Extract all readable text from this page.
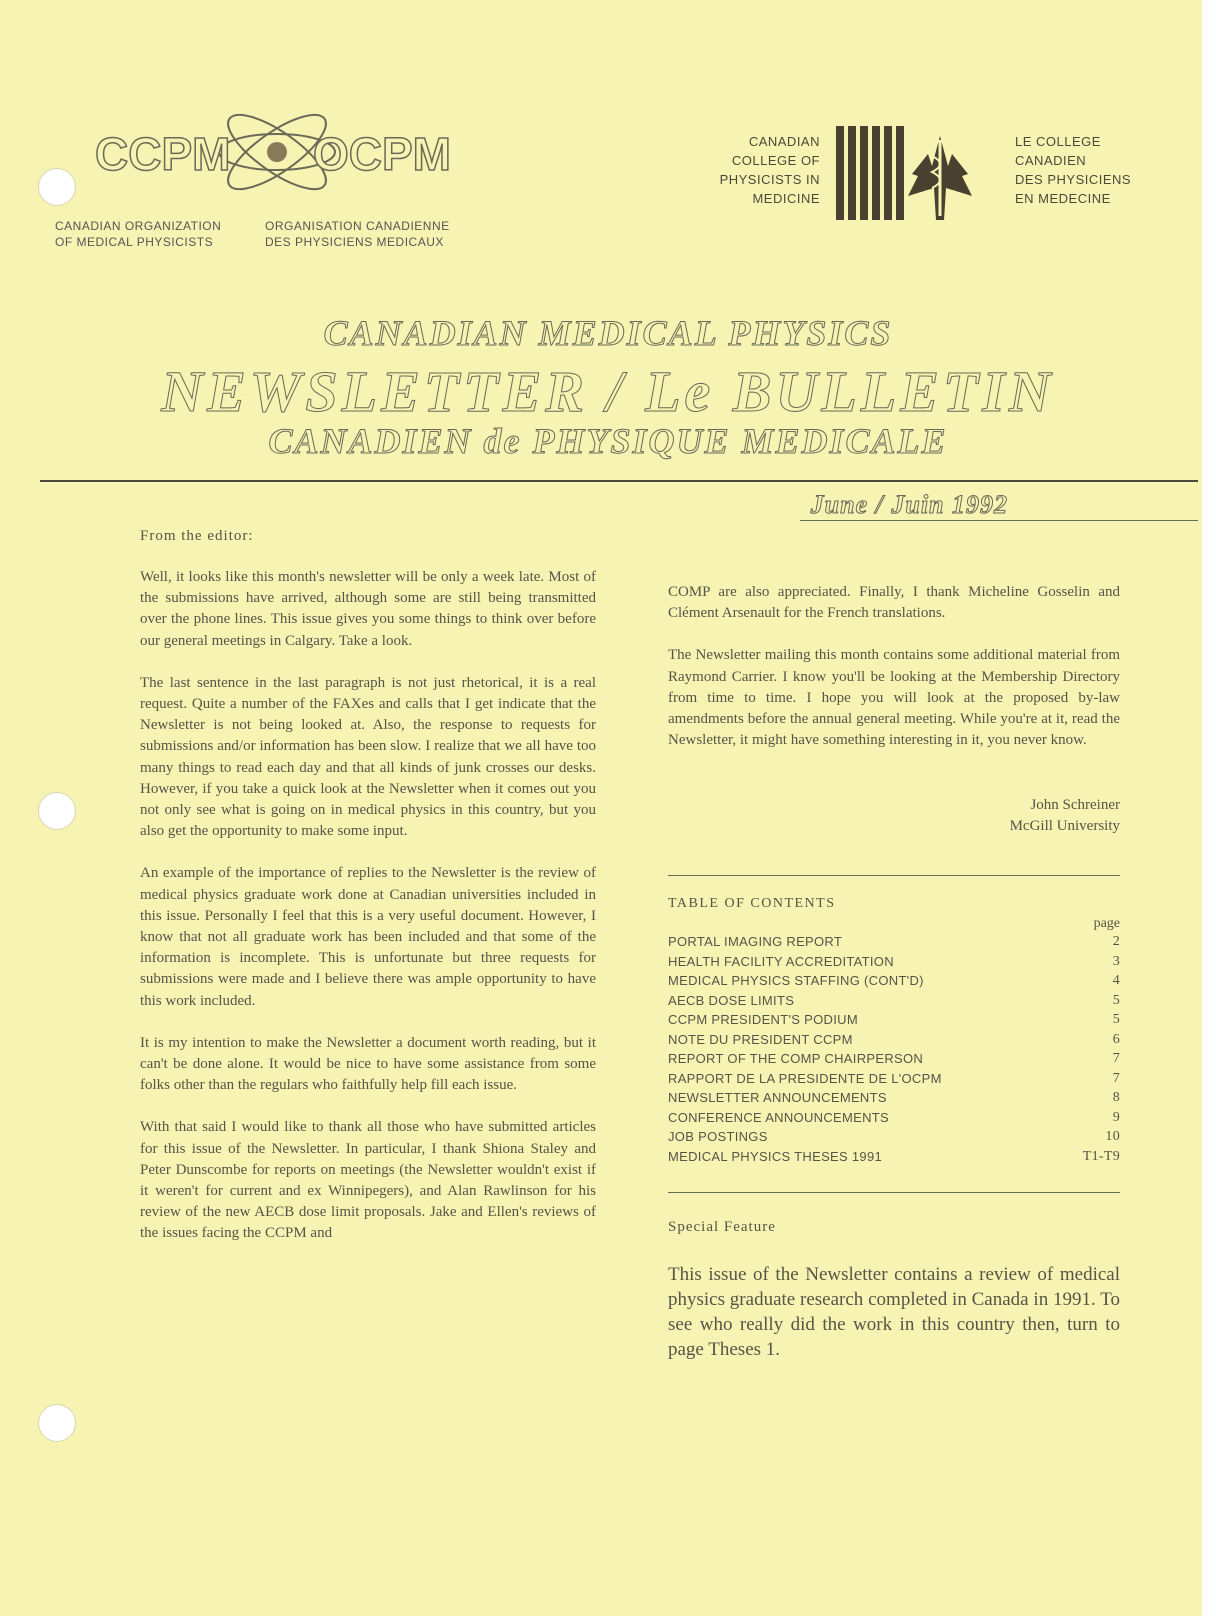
CCPM OCPM
CANADIAN ORGANIZATION	ORGANISATION CANADIENNE
OF MEDICAL PHYSICISTS	DES PHYSICIENS MEDICAUX
CANADIAN
COLLEGE OF
PHYSICISTS IN
MEDICINE
LE COLLEGE
CANADIEN
DES PHYSICIENS
EN MEDECINE
CANADIAN MEDICAL PHYSICS
NEWSLETTER / Le BULLETIN
CANADIEN de PHYSIQUE MEDICALE
June / Juin 1992
From the editor:

Well, it looks like this month's newsletter will be only a week late. Most of the submissions have arrived, although some are still being transmitted over the phone lines. This issue gives you some things to think over before our general meetings in Calgary. Take a look.

The last sentence in the last paragraph is not just rhetorical, it is a real request. Quite a number of the FAXes and calls that I get indicate that the Newsletter is not being looked at. Also, the response to requests for submissions and/or information has been slow. I realize that we all have too many things to read each day and that all kinds of junk crosses our desks. However, if you take a quick look at the Newsletter when it comes out you not only see what is going on in medical physics in this country, but you also get the opportunity to make some input.

An example of the importance of replies to the Newsletter is the review of medical physics graduate work done at Canadian universities included in this issue. Personally I feel that this is a very useful document. However, I know that not all graduate work has been included and that some of the information is incomplete. This is unfortunate but three requests for submissions were made and I believe there was ample opportunity to have this work included.

It is my intention to make the Newsletter a document worth reading, but it can't be done alone. It would be nice to have some assistance from some folks other than the regulars who faithfully help fill each issue.

With that said I would like to thank all those who have submitted articles for this issue of the Newsletter. In particular, I thank Shiona Staley and Peter Dunscombe for reports on meetings (the Newsletter wouldn't exist if it weren't for current and ex Winnipegers), and Alan Rawlinson for his review of the new AECB dose limit proposals. Jake and Ellen's reviews of the issues facing the CCPM and

COMP are also appreciated. Finally, I thank Micheline Gosselin and Clément Arsenault for the French translations.

The Newsletter mailing this month contains some additional material from Raymond Carrier. I know you'll be looking at the Membership Directory from time to time. I hope you will look at the proposed by-law amendments before the annual general meeting. While you're at it, read the Newsletter, it might have something interesting in it, you never know.

John Schreiner
McGill University
TABLE OF CONTENTS
page
PORTAL IMAGING REPORT	2
HEALTH FACILITY ACCREDITATION	3
MEDICAL PHYSICS STAFFING (CONT'D)	4
AECB DOSE LIMITS	5
CCPM PRESIDENT'S PODIUM	5
NOTE DU PRESIDENT CCPM	6
REPORT OF THE COMP CHAIRPERSON	7
RAPPORT DE LA PRESIDENTE DE L'OCPM	7
NEWSLETTER ANNOUNCEMENTS	8
CONFERENCE ANNOUNCEMENTS	9
JOB POSTINGS	10
MEDICAL PHYSICS THESES 1991	T1-T9
Special Feature
This issue of the Newsletter contains a review of medical physics graduate research completed in Canada in 1991. To see who really did the work in this country then, turn to page Theses 1.
